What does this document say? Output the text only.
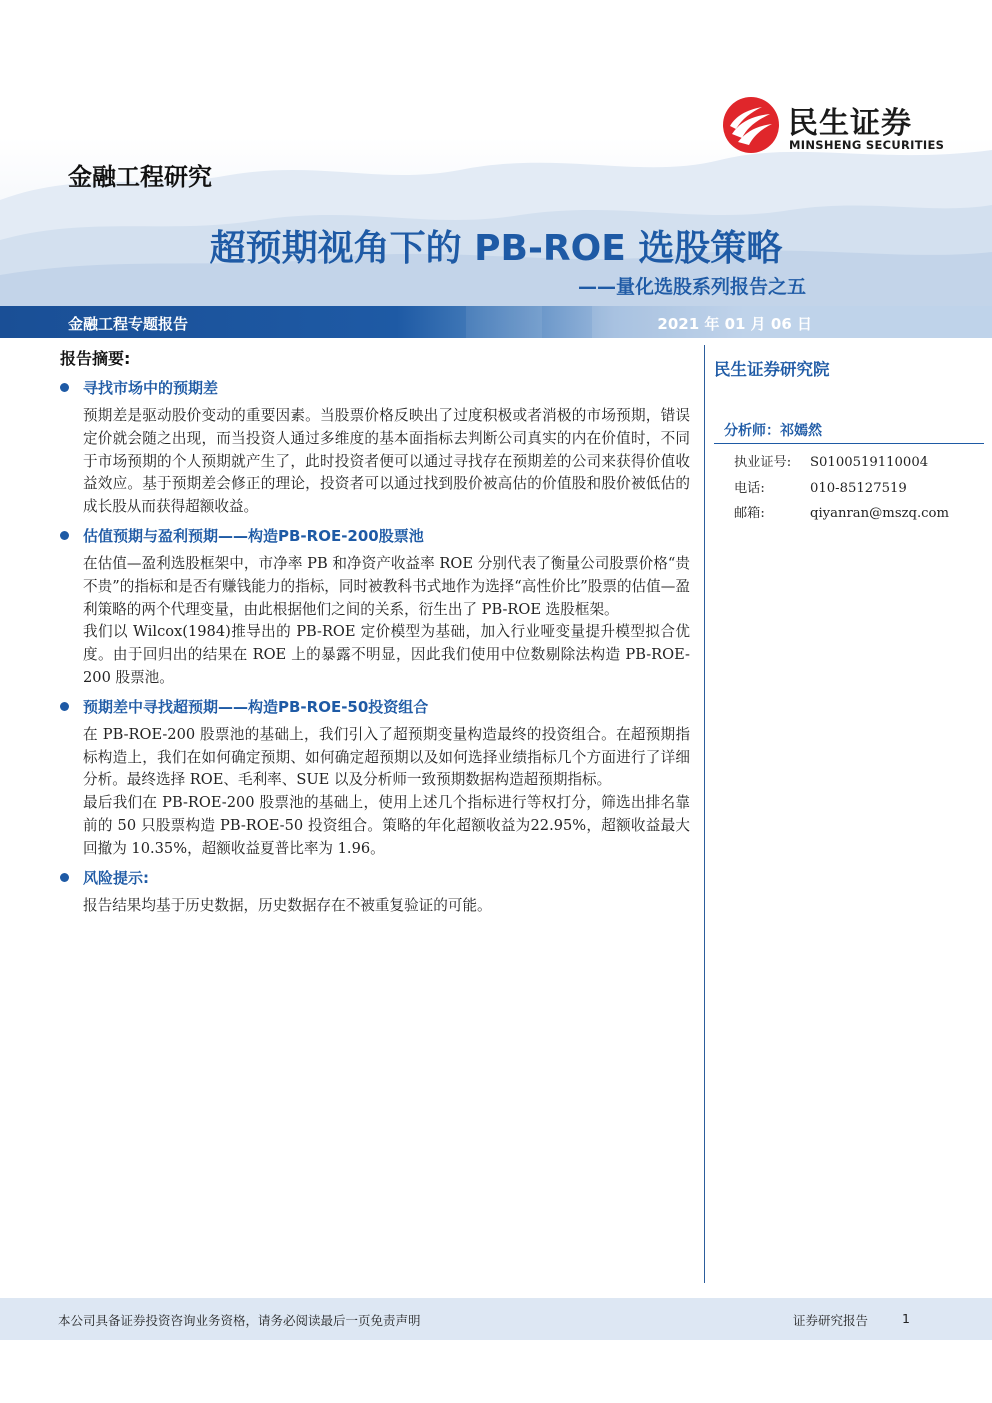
民生证券
MINSHENG SECURITIES
金融工程研究
超预期视角下的 PB-ROE 选股策略
——量化选股系列报告之五
金融工程专题报告	2021 年 01 月 06 日
报告摘要:
寻找市场中的预期差

预期差是驱动股价变动的重要因素。当股票价格反映出了过度积极或者消极的市场预期，错误定价就会随之出现，而当投资人通过多维度的基本面指标去判断公司真实的内在价值时，不同于市场预期的个人预期就产生了，此时投资者便可以通过寻找存在预期差的公司来获得价值收益效应。基于预期差会修正的理论，投资者可以通过找到股价被高估的价值股和股价被低估的成长股从而获得超额收益。

估值预期与盈利预期——构造PB-ROE-200股票池

在估值—盈利选股框架中，市净率 PB 和净资产收益率 ROE 分别代表了衡量公司股票价格“贵不贵”的指标和是否有赚钱能力的指标，同时被教科书式地作为选择“高性价比”股票的估值—盈利策略的两个代理变量，由此根据他们之间的关系，衍生出了 PB-ROE 选股框架。

我们以 Wilcox(1984)推导出的 PB-ROE 定价模型为基础，加入行业哑变量提升模型拟合优度。由于回归出的结果在 ROE 上的暴露不明显，因此我们使用中位数剔除法构造 PB-ROE-200 股票池。

预期差中寻找超预期——构造PB-ROE-50投资组合

在 PB-ROE-200 股票池的基础上，我们引入了超预期变量构造最终的投资组合。在超预期指标构造上，我们在如何确定预期、如何确定超预期以及如何选择业绩指标几个方面进行了详细分析。最终选择 ROE、毛利率、SUE 以及分析师一致预期数据构造超预期指标。

最后我们在 PB-ROE-200 股票池的基础上，使用上述几个指标进行等权打分，筛选出排名靠前的 50 只股票构造 PB-ROE-50 投资组合。策略的年化超额收益为22.95%，超额收益最大回撤为 10.35%，超额收益夏普比率为 1.96。

风险提示:

报告结果均基于历史数据，历史数据存在不被重复验证的可能。

民生证券研究院
分析师：祁嫣然
执业证号: S0100519110004
电话:	010-85127519
邮箱:	qiyanran@mszq.com
本公司具备证券投资咨询业务资格，请务必阅读最后一页免责声明	证券研究报告	1
